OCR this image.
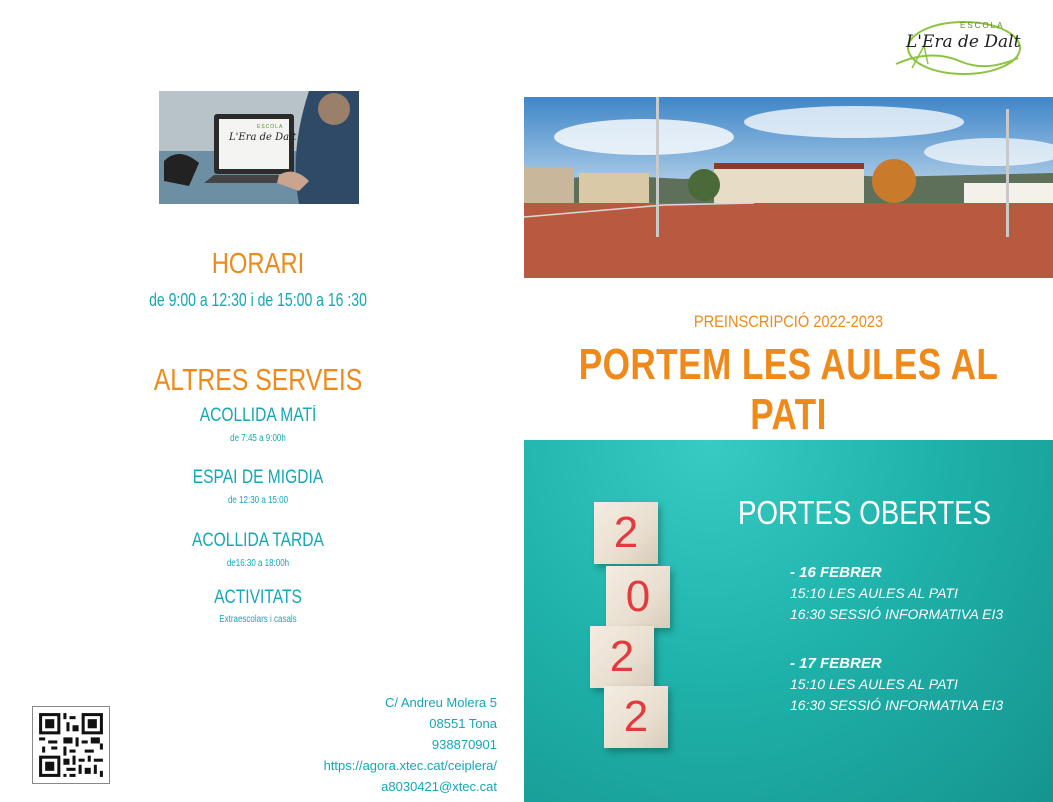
ESCOLA
L'Era de Dalt
ESCOLA
L'Era de Dalt
HORARI
de 9:00 a 12:30 i de 15:00 a 16 :30
ALTRES SERVEIS
ACOLLIDA MATÍ
de 7:45 a 9:00h
ESPAI DE MIGDIA
de 12:30 a 15:00
ACOLLIDA TARDA
de16:30 a 18:00h
ACTIVITATS
Extraescolars i casals
C/ Andreu Molera 5
08551 Tona
938870901
https://agora.xtec.cat/ceiplera/
a8030421@xtec.cat
PREINSCRIPCIÓ 2022-2023
PORTEM LES AULES AL PATI
2
0
2
2
PORTES OBERTES
- 16 FEBRER
15:10 LES AULES AL PATI
16:30 SESSIÓ INFORMATIVA EI3
- 17 FEBRER
15:10 LES AULES AL PATI
16:30 SESSIÓ INFORMATIVA EI3
